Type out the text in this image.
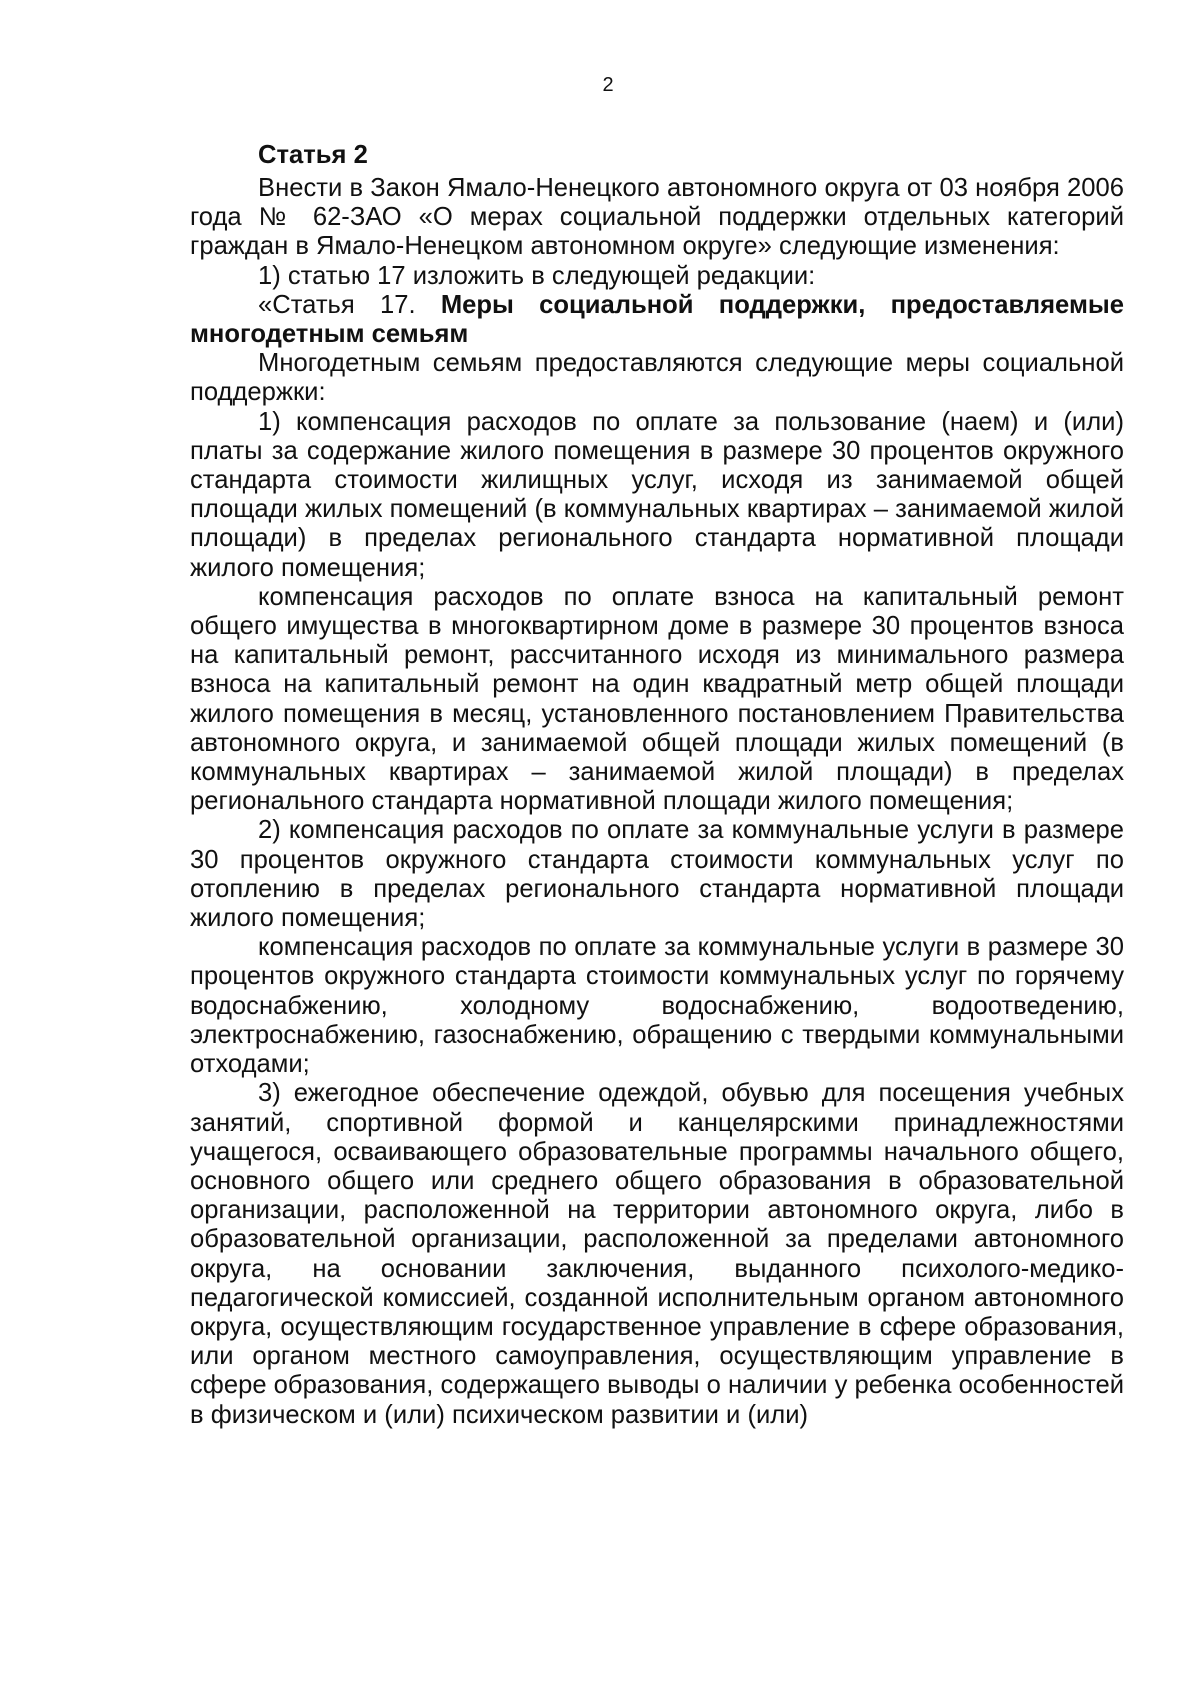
2

Статья 2

Внести в Закон Ямало-Ненецкого автономного округа от 03 ноября 2006 года № 62-ЗАО «О мерах социальной поддержки отдельных категорий граждан в Ямало-Ненецком автономном округе» следующие изменения:

1) статью 17 изложить в следующей редакции:

«Статья 17. Меры социальной поддержки, предоставляемые многодетным семьям

Многодетным семьям предоставляются следующие меры социальной поддержки:

1) компенсация расходов по оплате за пользование (наем) и (или) платы за содержание жилого помещения в размере 30 процентов окружного стандарта стоимости жилищных услуг, исходя из занимаемой общей площади жилых помещений (в коммунальных квартирах – занимаемой жилой площади) в пределах регионального стандарта нормативной площади жилого помещения;

компенсация расходов по оплате взноса на капитальный ремонт общего имущества в многоквартирном доме в размере 30 процентов взноса на капитальный ремонт, рассчитанного исходя из минимального размера взноса на капитальный ремонт на один квадратный метр общей площади жилого помещения в месяц, установленного постановлением Правительства автономного округа, и занимаемой общей площади жилых помещений (в коммунальных квартирах – занимаемой жилой площади) в пределах регионального стандарта нормативной площади жилого помещения;

2) компенсация расходов по оплате за коммунальные услуги в размере 30 процентов окружного стандарта стоимости коммунальных услуг по отоплению в пределах регионального стандарта нормативной площади жилого помещения;

компенсация расходов по оплате за коммунальные услуги в размере 30 процентов окружного стандарта стоимости коммунальных услуг по горячему водоснабжению, холодному водоснабжению, водоотведению, электроснабжению, газоснабжению, обращению с твердыми коммунальными отходами;

3) ежегодное обеспечение одеждой, обувью для посещения учебных занятий, спортивной формой и канцелярскими принадлежностями учащегося, осваивающего образовательные программы начального общего, основного общего или среднего общего образования в образовательной организации, расположенной на территории автономного округа, либо в образовательной организации, расположенной за пределами автономного округа, на основании заключения, выданного психолого-медико-педагогической комиссией, созданной исполнительным органом автономного округа, осуществляющим государственное управление в сфере образования, или органом местного самоуправления, осуществляющим управление в сфере образования, содержащего выводы о наличии у ребенка особенностей в физическом и (или) психическом развитии и (или)
